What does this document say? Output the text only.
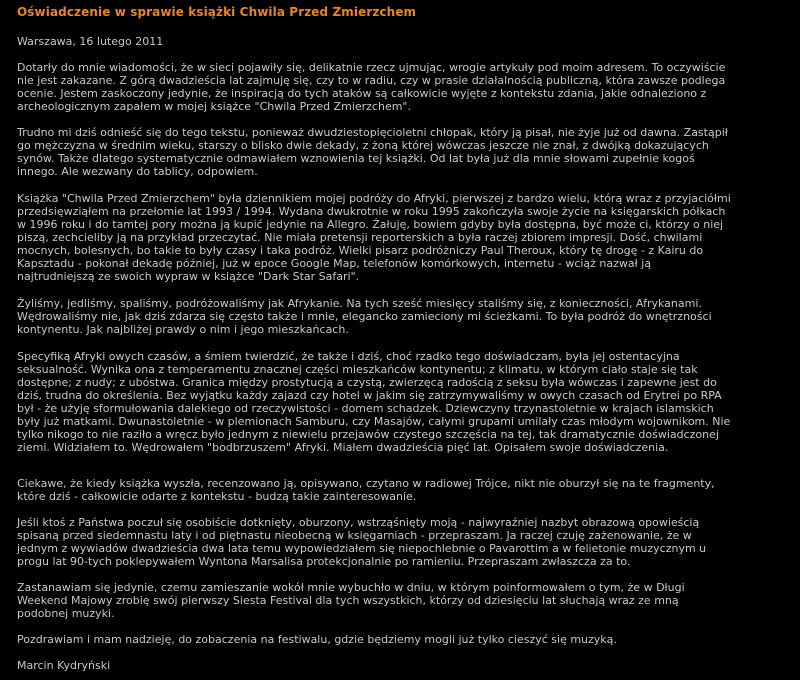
Oświadczenie w sprawie książki Chwila Przed Zmierzchem
Warszawa, 16 lutego 2011
Dotarły do mnie wiadomości, że w sieci pojawiły się, delikatnie rzecz ujmując, wrogie artykuły pod moim adresem. To oczywiście
nie jest zakazane. Z górą dwadzieścia lat zajmuję się, czy to w radiu, czy w prasie działalnością publiczną, która zawsze podlega
ocenie. Jestem zaskoczony jedynie, że inspiracją do tych ataków są całkowicie wyjęte z kontekstu zdania, jakie odnaleziono z
archeologicznym zapałem w mojej książce "Chwila Przed Zmierzchem".
Trudno mi dziś odnieść się do tego tekstu, ponieważ dwudziestopięcioletni chłopak, który ją pisał, nie żyje już od dawna. Zastąpił
go mężczyzna w średnim wieku, starszy o blisko dwie dekady, z żoną której wówczas jeszcze nie znał, z dwójką dokazujących
synów. Także dlatego systematycznie odmawiałem wznowienia tej książki. Od lat była już dla mnie słowami zupełnie kogoś
innego. Ale wezwany do tablicy, odpowiem.
Książka "Chwila Przed Zmierzchem" była dziennikiem mojej podróży do Afryki, pierwszej z bardzo wielu, którą wraz z przyjaciółmi
przedsięwziąłem na przełomie lat 1993 / 1994. Wydana dwukrotnie w roku 1995 zakończyła swoje życie na księgarskich półkach
w 1996 roku i do tamtej pory można ją kupić jedynie na Allegro. Żałuję, bowiem gdyby była dostępna, być może ci, którzy o niej
piszą, zechcieliby ją na przykład przeczytać. Nie miała pretensji reporterskich a była raczej zbiorem impresji. Dość, chwilami
mocnych, bolesnych, bo takie to były czasy i taka podróż. Wielki pisarz podróżniczy Paul Theroux, który tę drogę - z Kairu do
Kapsztadu - pokonał dekadę później, już w epoce Google Map, telefonów komórkowych, internetu - wciąż nazwał ją
najtrudniejszą ze swoich wypraw w książce "Dark Star Safari".
Żyliśmy, jedliśmy, spaliśmy, podróżowaliśmy jak Afrykanie. Na tych sześć miesięcy staliśmy się, z konieczności, Afrykanami.
Wędrowaliśmy nie, jak dziś zdarza się często także i mnie, elegancko zamieciony mi ścieżkami. To była podróż do wnętrzności
kontynentu. Jak najbliżej prawdy o nim i jego mieszkańcach.
Specyfiką Afryki owych czasów, a śmiem twierdzić, że także i dziś, choć rzadko tego doświadczam, była jej ostentacyjna
seksualność. Wynika ona z temperamentu znacznej części mieszkańców kontynentu; z klimatu, w którym ciało staje się tak
dostępne; z nudy; z ubóstwa. Granica między prostytucją a czystą, zwierzęcą radością z seksu była wówczas i zapewne jest do
dziś, trudna do określenia. Bez wyjątku każdy zajazd czy hotel w jakim się zatrzymywaliśmy w owych czasach od Erytrei po RPA
był - że użyję sformułowania dalekiego od rzeczywistości - domem schadzek. Dziewczyny trzynastoletnie w krajach islamskich
były już matkami. Dwunastoletnie - w plemionach Samburu, czy Masajów, całymi grupami umilały czas młodym wojownikom. Nie
tylko nikogo to nie raziło a wręcz było jednym z niewielu przejawów czystego szczęścia na tej, tak dramatycznie doświadczonej
ziemi. Widziałem to. Wędrowałem "bodbrzuszem" Afryki. Miałem dwadzieścia pięć lat. Opisałem swoje doświadczenia.
Ciekawe, że kiedy książka wyszła, recenzowano ją, opisywano, czytano w radiowej Trójce, nikt nie oburzył się na te fragmenty,
które dziś - całkowicie odarte z kontekstu - budzą takie zainteresowanie.
Jeśli ktoś z Państwa poczuł się osobiście dotknięty, oburzony, wstrząśnięty moją - najwyraźniej nazbyt obrazową opowieścią
spisaną przed siedemnastu laty i od piętnastu nieobecną w księgarniach - przepraszam. Ja raczej czuję zażenowanie, że w
jednym z wywiadów dwadzieścia dwa lata temu wypowiedziałem się niepochlebnie o Pavarottim a w felietonie muzycznym u
progu lat 90-tych poklepywałem Wyntona Marsalisa protekcjonalnie po ramieniu. Przepraszam zwłaszcza za to.
Zastanawiam się jedynie, czemu zamieszanie wokół mnie wybuchło w dniu, w którym poinformowałem o tym, że w Długi
Weekend Majowy zrobię swój pierwszy Siesta Festival dla tych wszystkich, którzy od dziesięciu lat słuchają wraz ze mną
podobnej muzyki.
Pozdrawiam i mam nadzieję, do zobaczenia na festiwalu, gdzie będziemy mogli już tylko cieszyć się muzyką.
Marcin Kydryński
